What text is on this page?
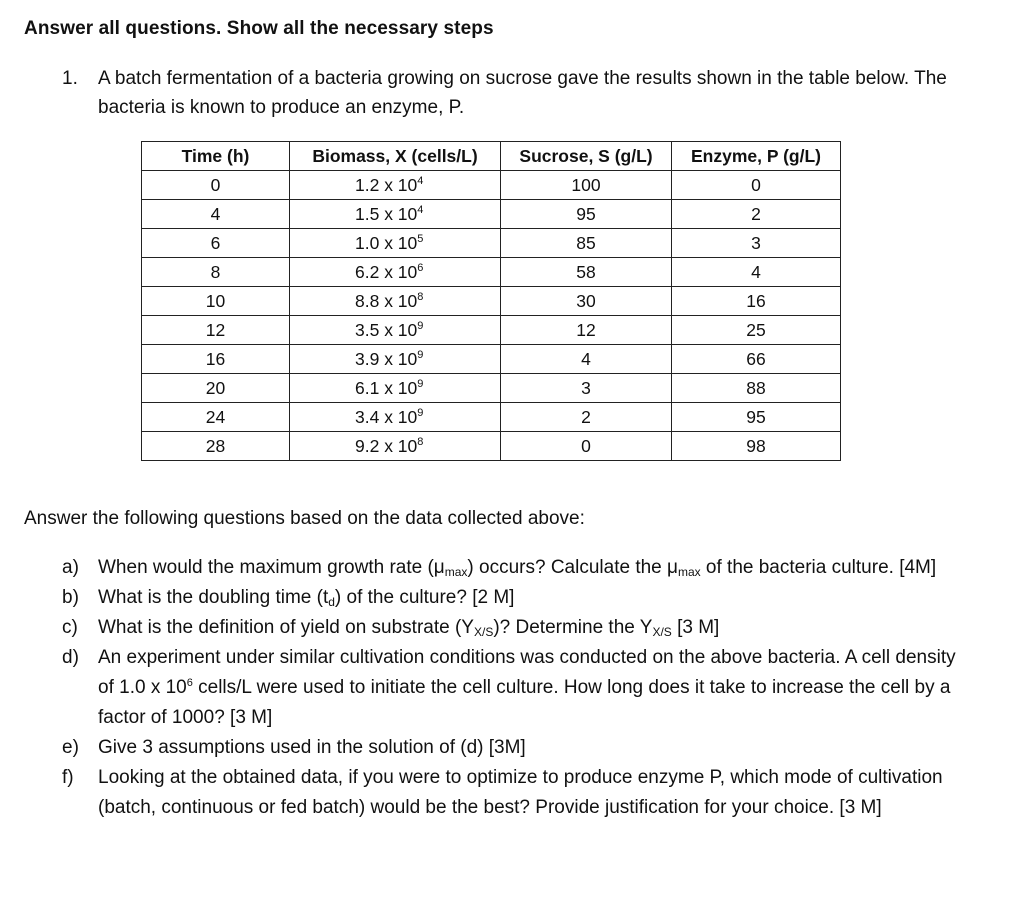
Answer all questions. Show all the necessary steps
1. A batch fermentation of a bacteria growing on sucrose gave the results shown in the table below. The bacteria is known to produce an enzyme, P.
Time (h)	Biomass, X (cells/L)	Sucrose, S (g/L)	Enzyme, P (g/L)
0	1.2 x $10^4$	100	0
4	1.5 x $10^4$	95	2
6	1.0 x $10^5$	85	3
8	6.2 x $10^6$	58	4
10	8.8 x $10^8$	30	16
12	3.5 x $10^9$	12	25
16	3.9 x $10^9$	4	66
20	6.1 x $10^9$	3	88
24	3.4 x $10^9$	2	95
28	9.2 x $10^8$	0	98
Answer the following questions based on the data collected above:
a) When would the maximum growth rate $(\mu_{max})$ occurs? Calculate the $\mu_{max}$ of the bacteria culture. [4M]
b) What is the doubling time $(t_d)$ of the culture? [2 M]
c) What is the definition of yield on substrate $(Y_{X/S})$? Determine the $Y_{X/S}$ [3 M]
d) An experiment under similar cultivation conditions was conducted on the above bacteria. A cell density of 1.0 x $10^6$ cells/L were used to initiate the cell culture. How long does it take to increase the cell by a factor of 1000? [3 M]
e) Give 3 assumptions used in the solution of (d) [3M]
f) Looking at the obtained data, if you were to optimize to produce enzyme P, which mode of cultivation (batch, continuous or fed batch) would be the best? Provide justification for your choice. [3 M]
